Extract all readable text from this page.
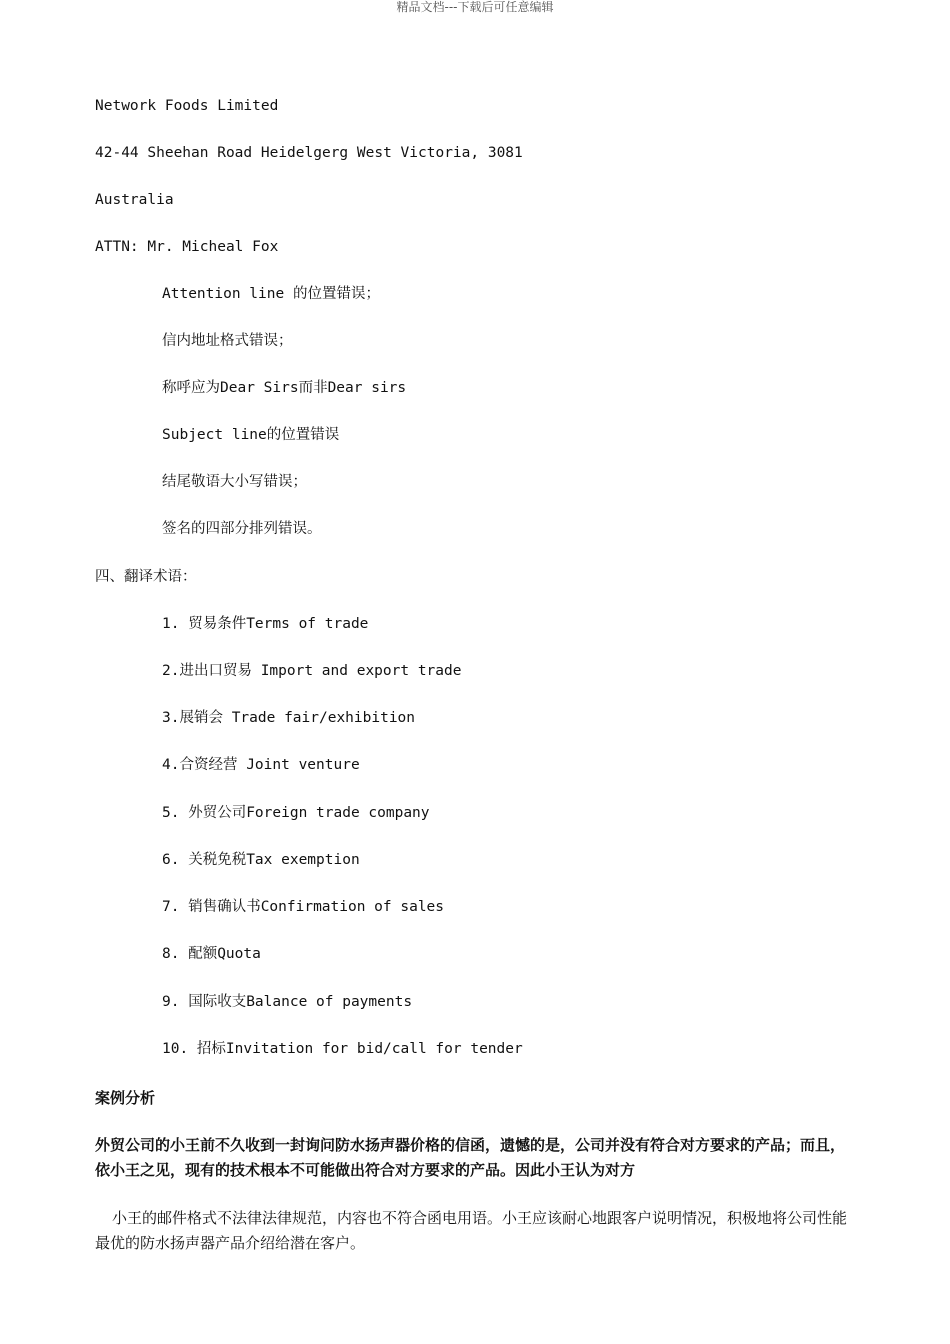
精品文档---下载后可任意编辑
Network Foods Limited
42-44 Sheehan Road Heidelgerg West Victoria, 3081
Australia
ATTN: Mr. Micheal Fox
Attention line 的位置错误；
信内地址格式错误；
称呼应为Dear Sirs而非Dear sirs
Subject line的位置错误
结尾敬语大小写错误；
签名的四部分排列错误。
四、翻译术语：
1. 贸易条件Terms of trade
2.进出口贸易 Import and export trade
3.展销会 Trade fair/exhibition
4.合资经营 Joint venture
5. 外贸公司Foreign trade company
6. 关税免税Tax exemption
7. 销售确认书Confirmation of sales
8. 配额Quota
9. 国际收支Balance of payments
10. 招标Invitation for bid/call for tender
案例分析
外贸公司的小王前不久收到一封询问防水扬声器价格的信函，遗憾的是，公司并没有符合对方要求的产品；而且，依小王之见，现有的技术根本不可能做出符合对方要求的产品。因此小王认为对方
小王的邮件格式不法律法律规范，内容也不符合函电用语。小王应该耐心地跟客户说明情况，积极地将公司性能最优的防水扬声器产品介绍给潜在客户。
